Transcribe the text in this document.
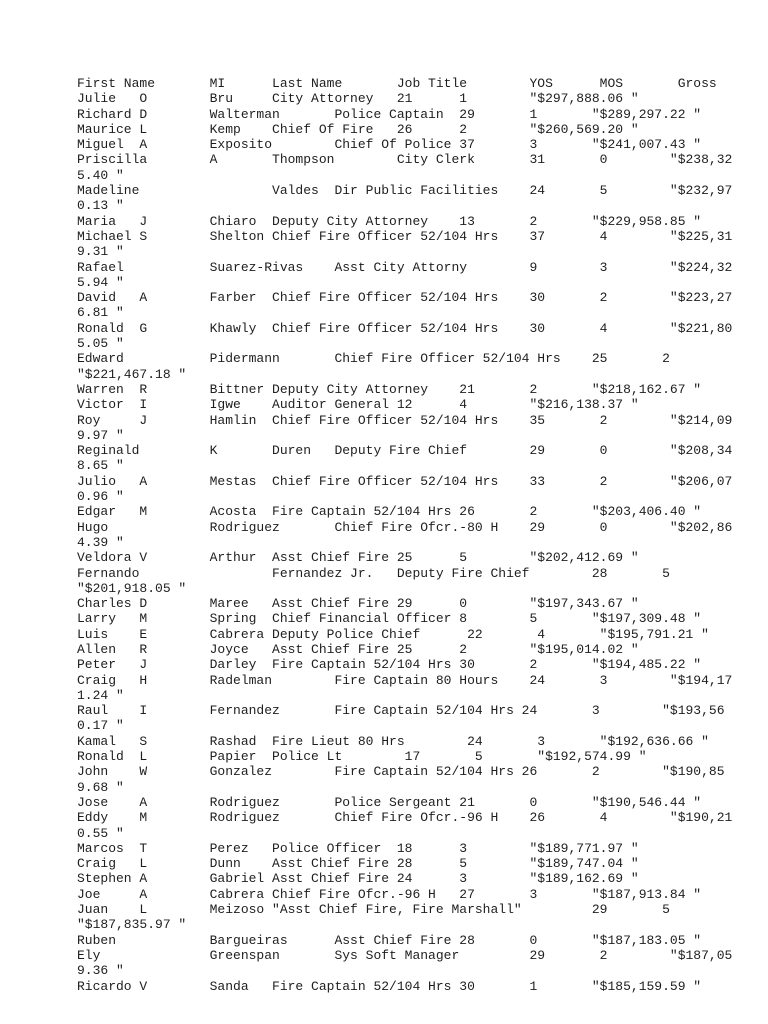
First Name       MI      Last Name       Job Title        YOS      MOS       Gross
Julie   O        Bru     City Attorney   21      1        "$297,888.06 "
Richard D        Walterman       Police Captain  29       1       "$289,297.22 "
Maurice L        Kemp    Chief Of Fire   26      2        "$260,569.20 "
Miguel  A        Exposito        Chief Of Police 37       3       "$241,007.43 "
Priscilla        A       Thompson        City Clerk       31       0        "$238,32
5.40 "
Madeline                 Valdes  Dir Public Facilities    24       5        "$232,97
0.13 "
Maria   J        Chiaro  Deputy City Attorney    13       2       "$229,958.85 "
Michael S        Shelton Chief Fire Officer 52/104 Hrs    37       4        "$225,31
9.31 "
Rafael           Suarez-Rivas    Asst City Attorny        9        3        "$224,32
5.94 "
David   A        Farber  Chief Fire Officer 52/104 Hrs    30       2        "$223,27
6.81 "
Ronald  G        Khawly  Chief Fire Officer 52/104 Hrs    30       4        "$221,80
5.05 "
Edward           Pidermann       Chief Fire Officer 52/104 Hrs    25       2
"$221,467.18 "
Warren  R        Bittner Deputy City Attorney    21       2       "$218,162.67 "
Victor  I        Igwe    Auditor General 12      4        "$216,138.37 "
Roy     J        Hamlin  Chief Fire Officer 52/104 Hrs    35       2        "$214,09
9.97 "
Reginald         K       Duren   Deputy Fire Chief        29       0        "$208,34
8.65 "
Julio   A        Mestas  Chief Fire Officer 52/104 Hrs    33       2        "$206,07
0.96 "
Edgar   M        Acosta  Fire Captain 52/104 Hrs 26       2       "$203,406.40 "
Hugo             Rodriguez       Chief Fire Ofcr.-80 H    29       0        "$202,86
4.39 "
Veldora V        Arthur  Asst Chief Fire 25      5        "$202,412.69 "
Fernando                 Fernandez Jr.   Deputy Fire Chief        28       5
"$201,918.05 "
Charles D        Maree   Asst Chief Fire 29      0        "$197,343.67 "
Larry   M        Spring  Chief Financial Officer 8        5       "$197,309.48 "
Luis    E        Cabrera Deputy Police Chief      22       4       "$195,791.21 "
Allen   R        Joyce   Asst Chief Fire 25      2        "$195,014.02 "
Peter   J        Darley  Fire Captain 52/104 Hrs 30       2       "$194,485.22 "
Craig   H        Radelman        Fire Captain 80 Hours    24       3        "$194,17
1.24 "
Raul    I        Fernandez       Fire Captain 52/104 Hrs 24       3        "$193,56
0.17 "
Kamal   S        Rashad  Fire Lieut 80 Hrs        24       3       "$192,636.66 "
Ronald  L        Papier  Police Lt        17       5       "$192,574.99 "
John    W        Gonzalez        Fire Captain 52/104 Hrs 26       2        "$190,85
9.68 "
Jose    A        Rodriguez       Police Sergeant 21       0       "$190,546.44 "
Eddy    M        Rodriguez       Chief Fire Ofcr.-96 H    26       4        "$190,21
0.55 "
Marcos  T        Perez   Police Officer  18      3        "$189,771.97 "
Craig   L        Dunn    Asst Chief Fire 28      5        "$189,747.04 "
Stephen A        Gabriel Asst Chief Fire 24      3        "$189,162.69 "
Joe     A        Cabrera Chief Fire Ofcr.-96 H   27       3       "$187,913.84 "
Juan    L        Meizoso "Asst Chief Fire, Fire Marshall"         29       5
"$187,835.97 "
Ruben            Bargueiras      Asst Chief Fire 28       0       "$187,183.05 "
Ely              Greenspan       Sys Soft Manager         29       2        "$187,05
9.36 "
Ricardo V        Sanda   Fire Captain 52/104 Hrs 30       1       "$185,159.59 "
